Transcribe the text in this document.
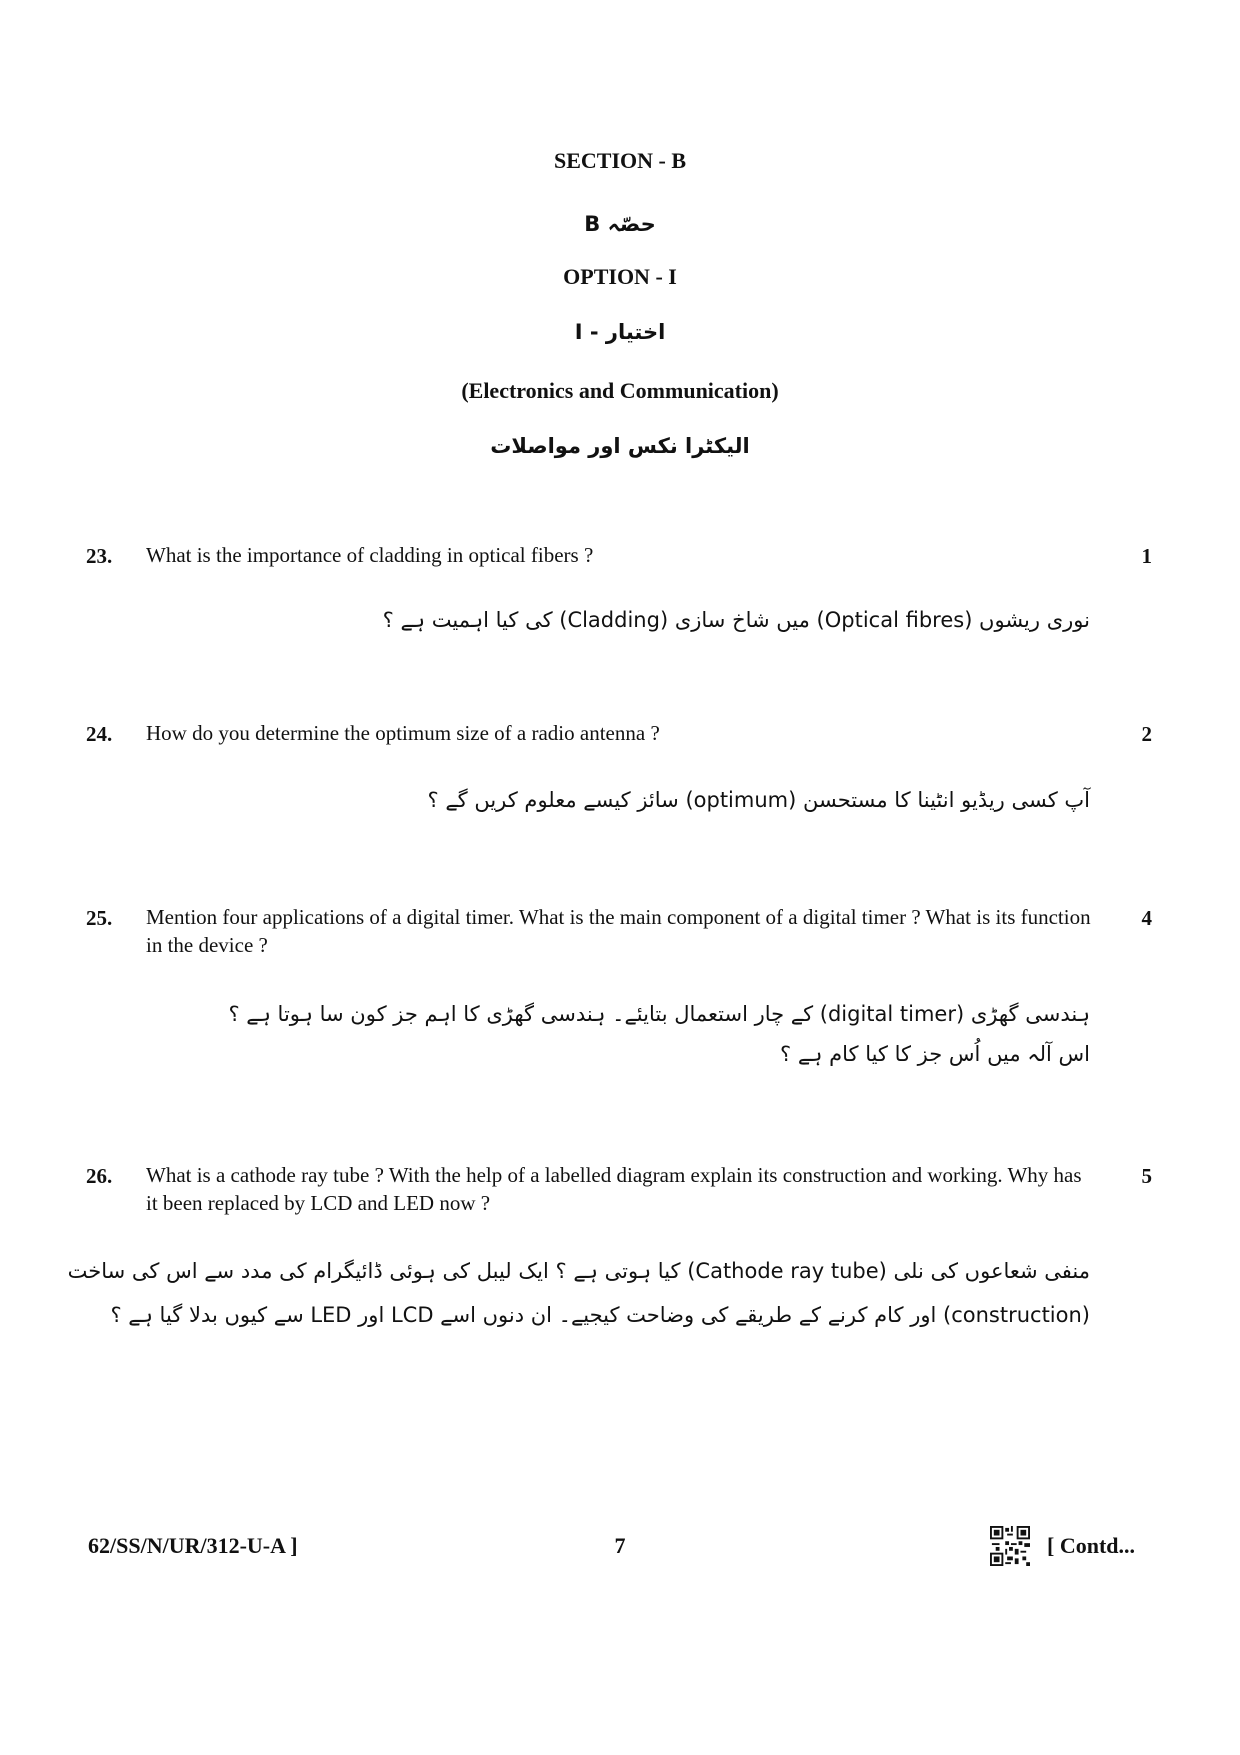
SECTION - B
حصّہ B
OPTION - I
اختیار - I
(Electronics and Communication)
الیکٹرا نکس اور مواصلات
23. What is the importance of cladding in optical fibers ?	1
نوری ریشوں (Optical fibres) میں شاخ سازی (Cladding) کی کیا اہمیت ہے ؟
24. How do you determine the optimum size of a radio antenna ?	2
آپ کسی ریڈیو انٹینا کا مستحسن (optimum) سائز کیسے معلوم کریں گے ؟
25. Mention four applications of a digital timer. What is the main component of a digital timer ? What is its function in the device ?
4
ہندسی گھڑی (digital timer) کے چار استعمال بتایئے۔ ہندسی گھڑی کا اہم جز کون سا ہوتا ہے ؟
اس آلہ میں اُس جز کا کیا کام ہے ؟
26. What is a cathode ray tube ? With the help of a labelled diagram explain its construction and working. Why has it been replaced by LCD and LED now ?
5
منفی شعاعوں کی نلی (Cathode ray tube) کیا ہوتی ہے ؟ ایک لیبل کی ہوئی ڈائیگرام کی مدد سے اس کی ساخت
(construction) اور کام کرنے کے طریقے کی وضاحت کیجیے۔ ان دنوں اسے LCD اور LED سے کیوں بدلا گیا ہے ؟
62/SS/N/UR/312-U-A ]	7	[ Contd...
